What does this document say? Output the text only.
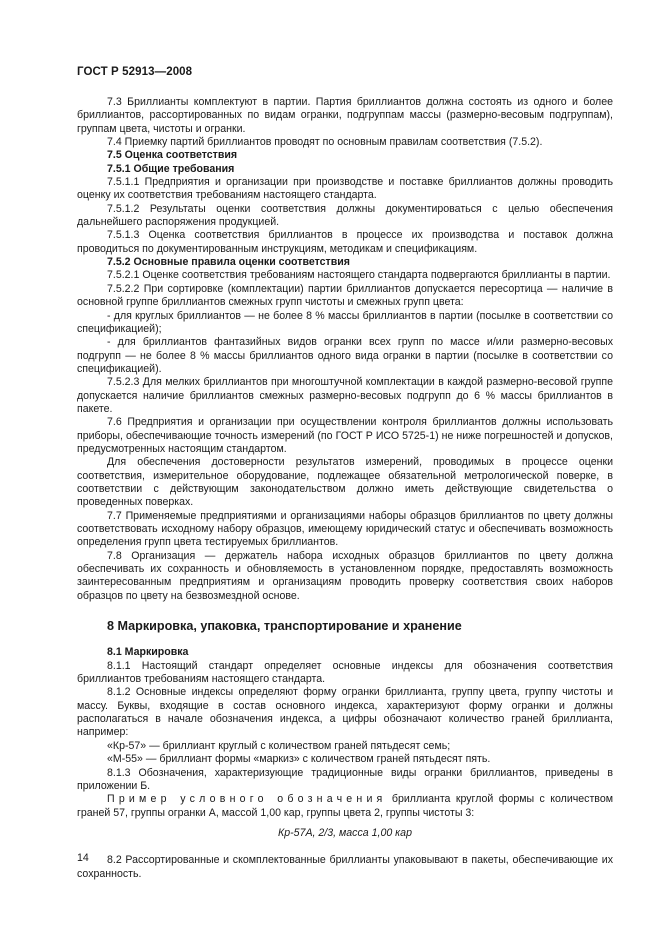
ГОСТ Р 52913—2008

7.3 Бриллианты комплектуют в партии. Партия бриллиантов должна состоять из одного и более бриллиантов, рассортированных по видам огранки, подгруппам массы (размерно-весовым подгруппам), группам цвета, чистоты и огранки.

7.4 Приемку партий бриллиантов проводят по основным правилам соответствия (7.5.2).

7.5 Оценка соответствия

7.5.1 Общие требования

7.5.1.1 Предприятия и организации при производстве и поставке бриллиантов должны проводить оценку их соответствия требованиям настоящего стандарта.

7.5.1.2 Результаты оценки соответствия должны документироваться с целью обеспечения дальнейшего распоряжения продукцией.

7.5.1.3 Оценка соответствия бриллиантов в процессе их производства и поставок должна проводиться по документированным инструкциям, методикам и спецификациям.

7.5.2 Основные правила оценки соответствия

7.5.2.1 Оценке соответствия требованиям настоящего стандарта подвергаются бриллианты в партии.

7.5.2.2 При сортировке (комплектации) партии бриллиантов допускается пересортица — наличие в основной группе бриллиантов смежных групп чистоты и смежных групп цвета:

- для круглых бриллиантов — не более 8 % массы бриллиантов в партии (посылке в соответствии со спецификацией);

- для бриллиантов фантазийных видов огранки всех групп по массе и/или размерно-весовых подгрупп — не более 8 % массы бриллиантов одного вида огранки в партии (посылке в соответствии со спецификацией).

7.5.2.3 Для мелких бриллиантов при многоштучной комплектации в каждой размерно-весовой группе допускается наличие бриллиантов смежных размерно-весовых подгрупп до 6 % массы бриллиантов в пакете.

7.6 Предприятия и организации при осуществлении контроля бриллиантов должны использовать приборы, обеспечивающие точность измерений (по ГОСТ Р ИСО 5725-1) не ниже погрешностей и допусков, предусмотренных настоящим стандартом.

Для обеспечения достоверности результатов измерений, проводимых в процессе оценки соответствия, измерительное оборудование, подлежащее обязательной метрологической поверке, в соответствии с действующим законодательством должно иметь действующие свидетельства о проведенных поверках.

7.7 Применяемые предприятиями и организациями наборы образцов бриллиантов по цвету должны соответствовать исходному набору образцов, имеющему юридический статус и обеспечивать возможность определения групп цвета тестируемых бриллиантов.

7.8 Организация — держатель набора исходных образцов бриллиантов по цвету должна обеспечивать их сохранность и обновляемость в установленном порядке, предоставлять возможность заинтересованным предприятиям и организациям проводить проверку соответствия своих наборов образцов по цвету на безвозмездной основе.

8 Маркировка, упаковка, транспортирование и хранение

8.1 Маркировка

8.1.1 Настоящий стандарт определяет основные индексы для обозначения соответствия бриллиантов требованиям настоящего стандарта.

8.1.2 Основные индексы определяют форму огранки бриллианта, группу цвета, группу чистоты и массу. Буквы, входящие в состав основного индекса, характеризуют форму огранки и должны располагаться в начале обозначения индекса, а цифры обозначают количество граней бриллианта, например:

«Кр-57» — бриллиант круглый с количеством граней пятьдесят семь;

«М-55» — бриллиант формы «маркиз» с количеством граней пятьдесят пять.

8.1.3 Обозначения, характеризующие традиционные виды огранки бриллиантов, приведены в приложении Б.

Пример условного обозначения бриллианта круглой формы с количеством граней 57, группы огранки А, массой 1,00 кар, группы цвета 2, группы чистоты 3:

Кр-57А, 2/3, масса 1,00 кар

8.2 Рассортированные и скомплектованные бриллианты упаковывают в пакеты, обеспечивающие их сохранность.

14
